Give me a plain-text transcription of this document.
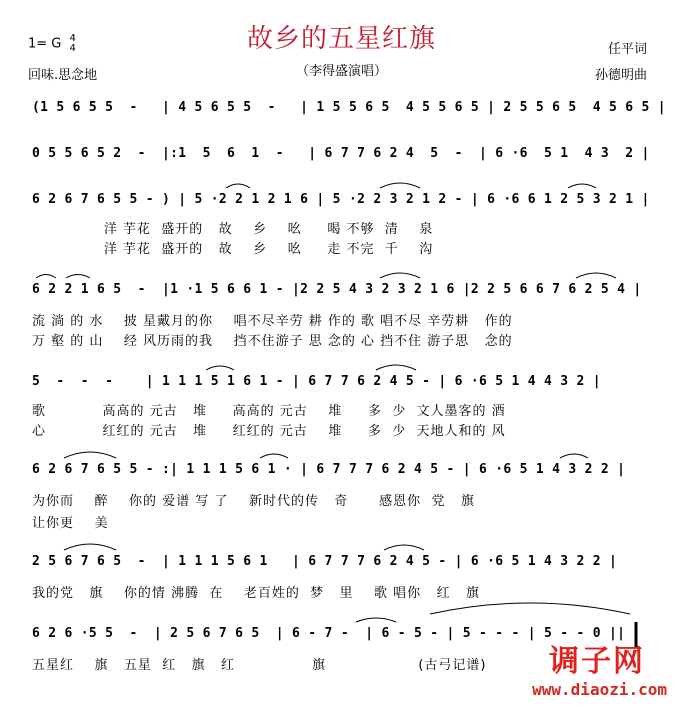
故乡的五星红旗
1= G 4
4
回味.思念地	（李得盛演唱）
任平词
孙德明曲
(1 5 6 5 5  -   | 4 5 6 5 5  -   | 1 5 5 6 5  4 5 5 6 5 | 2 5 5 6 5  4 5 6 5 |
0 5 5 6 5 2  -  |:1  5  6  1  -   | 6 7 7 6 2 4  5  -  | 6 ·6  5 1  4 3  2 |
6 2 6 7 6 5 5 - ) | 5 ·2 2 1 2 1 6 | 5 ·2 2 3 2 1 2 - | 6 ·6 6 1 2 5 3 2 1 |
洋 芋花  盛开的   故    乡    吆     喝 不够  清    泉
洋 芋花  盛开的   故    乡    吆     走 不完  千    沟
6 2 2 1 6 5  -  |1 ·1 5 6 6 1 - |2 2 5 4 3 2 3 2 1 6 |2 2 5 6 6 7 6 2 5 4 |
流 淌 的 水    披 星戴月的你    唱不尽辛劳 耕 作的 歌 唱不尽 辛劳耕   作的
万 壑 的 山    经 风历雨的我    挡不住游子 思 念的 心 挡不住 游子思   念的
5  -  -  -    | 1 1 1 5 1 6 1 - | 6 7 7 6 2 4 5 - | 6 ·6 5 1 4 4 3 2 |
歌           高高的 元古   堆     高高的 元古    堆     多  少  文人墨客的 酒
心           红红的 元古   堆     红红的 元古    堆     多  少  天地人和的 风
6 2 6 7 6 5 5 - :| 1 1 1 5 6 1 · | 6 7 7 7 6 2 4 5 - | 6 ·6 5 1 4 3 2 2 |
为你而    醉    你的 爱谱 写 了    新时代的传   奇      感恩你  党   旗
让你更    美
2 5 6 7 6 5  -  | 1 1 1 5 6 1   | 6 7 7 7 6 2 4 5 - | 6 ·6 5 1 4 3 2 2 |
我的党   旗    你的情 沸腾  在    老百姓的  梦   里    歌 唱你   红   旗
6 2 6 ·5 5  -  | 2 5 6 7 6 5  | 6 - 7 -  | 6 - 5 - | 5 - - - | 5 - - 0 ||
五星红    旗   五星  红   旗   红               旗                  (古弓记谱)	调子网
www.diaozi.com
